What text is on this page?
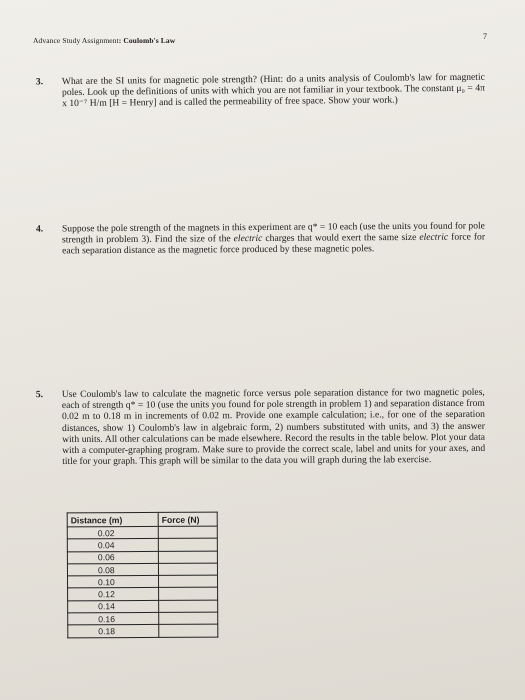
Advance Study Assignment: Coulomb's Law	7
3. What are the SI units for magnetic pole strength? (Hint: do a units analysis of Coulomb's law for magnetic poles. Look up the definitions of units with which you are not familiar in your textbook. The constant μ₀ = 4π x 10⁻⁷ H/m [H = Henry] and is called the permeability of free space. Show your work.)
4. Suppose the pole strength of the magnets in this experiment are q* = 10 each (use the units you found for pole strength in problem 3). Find the size of the electric charges that would exert the same size electric force for each separation distance as the magnetic force produced by these magnetic poles.
5. Use Coulomb's law to calculate the magnetic force versus pole separation distance for two magnetic poles, each of strength q* = 10 (use the units you found for pole strength in problem 1) and separation distance from 0.02 m to 0.18 m in increments of 0.02 m. Provide one example calculation; i.e., for one of the separation distances, show 1) Coulomb's law in algebraic form, 2) numbers substituted with units, and 3) the answer with units. All other calculations can be made elsewhere. Record the results in the table below. Plot your data with a computer-graphing program. Make sure to provide the correct scale, label and units for your axes, and title for your graph. This graph will be similar to the data you will graph during the lab exercise.
Distance (m)	Force (N)
0.02	
0.04	
0.06	
0.08	
0.10	
0.12	
0.14	
0.16	
0.18	
